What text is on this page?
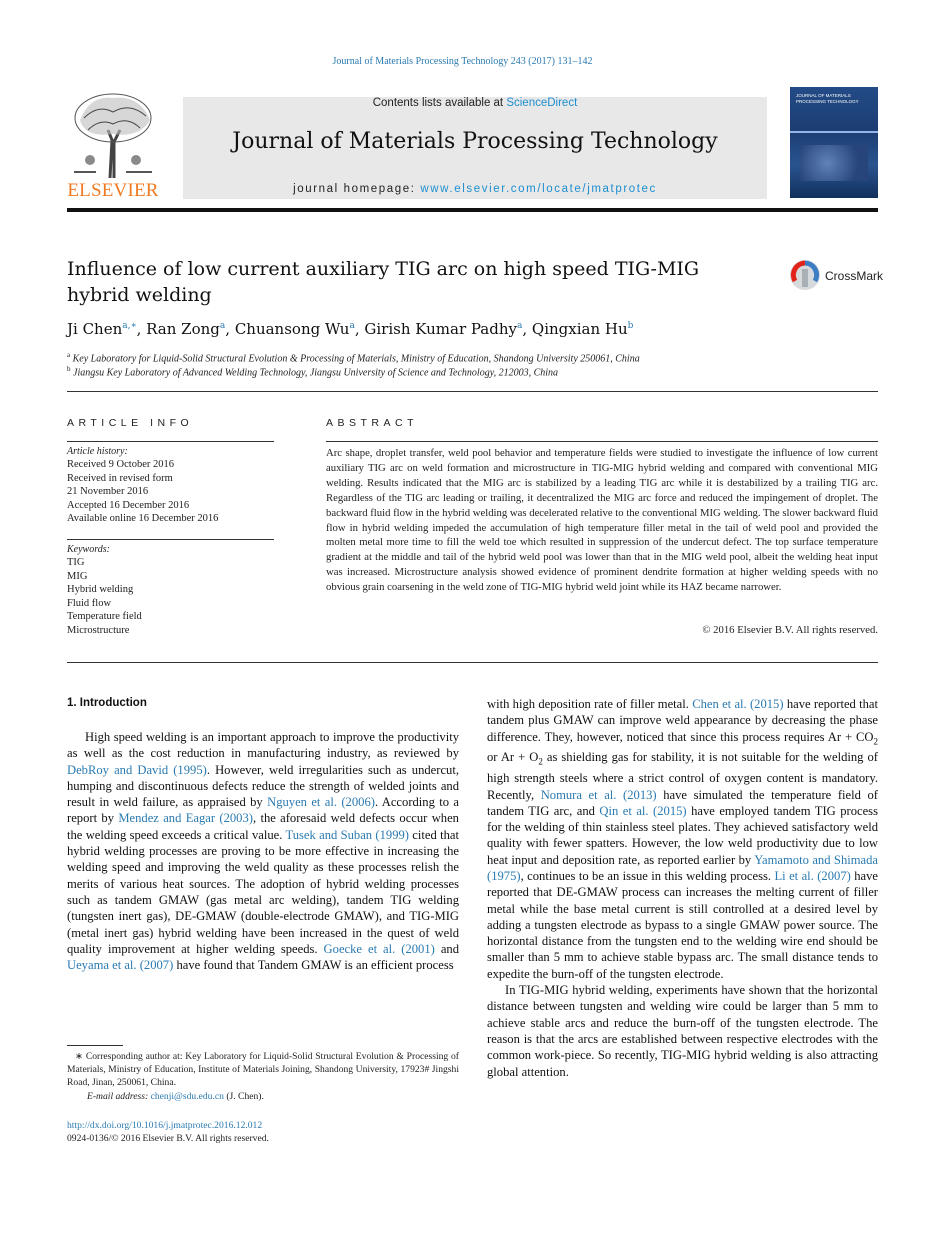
Journal of Materials Processing Technology 243 (2017) 131–142
ELSEVIER
Contents lists available at ScienceDirect
Journal of Materials Processing Technology
journal homepage: www.elsevier.com/locate/jmatprotec
JOURNAL OF MATERIALS PROCESSING TECHNOLOGY
Influence of low current auxiliary TIG arc on high speed TIG-MIG hybrid welding
CrossMark
Ji Chen$^{a,∗}$, Ran Zong$^a$, Chuansong Wu$^a$, Girish Kumar Padhy$^a$, Qingxian Hu$^b$
$^a$ Key Laboratory for Liquid-Solid Structural Evolution & Processing of Materials, Ministry of Education, Shandong University 250061, China
$^b$ Jiangsu Key Laboratory of Advanced Welding Technology, Jiangsu University of Science and Technology, 212003, China
ARTICLE INFO
Article history:
Received 9 October 2016
Received in revised form
21 November 2016
Accepted 16 December 2016
Available online 16 December 2016
Keywords:
TIG
MIG
Hybrid welding
Fluid flow
Temperature field
Microstructure
ABSTRACT
Arc shape, droplet transfer, weld pool behavior and temperature fields were studied to investigate the influence of low current auxiliary TIG arc on weld formation and microstructure in TIG-MIG hybrid welding and compared with conventional MIG welding. Results indicated that the MIG arc is stabilized by a leading TIG arc while it is destabilized by a trailing TIG arc. Regardless of the TIG arc leading or trailing, it decentralized the MIG arc force and reduced the impingement of droplet. The backward fluid flow in the hybrid welding was decelerated relative to the conventional MIG welding. The slower backward fluid flow in hybrid welding impeded the accumulation of high temperature filler metal in the tail of weld pool and provided the molten metal more time to fill the weld toe which resulted in suppression of the undercut defect. The top surface temperature gradient at the middle and tail of the hybrid weld pool was lower than that in the MIG weld pool, albeit the welding heat input was increased. Microstructure analysis showed evidence of prominent dendrite formation at higher welding speeds with no obvious grain coarsening in the weld zone of TIG-MIG hybrid weld joint while its HAZ became narrower.
© 2016 Elsevier B.V. All rights reserved.
1. Introduction

High speed welding is an important approach to improve the productivity as well as the cost reduction in manufacturing industry, as reviewed by DebRoy and David (1995). However, weld irregularities such as undercut, humping and discontinuous defects reduce the strength of welded joints and result in weld failure, as appraised by Nguyen et al. (2006). According to a report by Mendez and Eagar (2003), the aforesaid weld defects occur when the welding speed exceeds a critical value. Tusek and Suban (1999) cited that hybrid welding processes are proving to be more effective in increasing the welding speed and improving the weld quality as these processes relish the merits of various heat sources. The adoption of hybrid welding processes such as tandem GMAW (gas metal arc welding), tandem TIG welding (tungsten inert gas), DE-GMAW (double-electrode GMAW), and TIG-MIG (metal inert gas) hybrid welding have been increased in the quest of weld quality improvement at higher welding speeds. Goecke et al. (2001) and Ueyama et al. (2007) have found that Tandem GMAW is an efficient process

with high deposition rate of filler metal. Chen et al. (2015) have reported that tandem plus GMAW can improve weld appearance by decreasing the phase difference. They, however, noticed that since this process requires $Ar + CO_2$ or $Ar + O_2$ as shielding gas for stability, it is not suitable for the welding of high strength steels where a strict control of oxygen content is mandatory. Recently, Nomura et al. (2013) have simulated the temperature field of tandem TIG arc, and Qin et al. (2015) have employed tandem TIG process for the welding of thin stainless steel plates. They achieved satisfactory weld quality with fewer spatters. However, the low weld productivity due to low heat input and deposition rate, as reported earlier by Yamamoto and Shimada (1975), continues to be an issue in this welding process. Li et al. (2007) have reported that DE-GMAW process can increases the melting current of filler metal while the base metal current is still controlled at a desired level by adding a tungsten electrode as bypass to a single GMAW power source. The horizontal distance from the tungsten end to the welding wire end should be smaller than 5 mm to achieve stable bypass arc. The small distance tends to expedite the burn-off of the tungsten electrode.

In TIG-MIG hybrid welding, experiments have shown that the horizontal distance between tungsten and welding wire could be larger than 5 mm to achieve stable arcs and reduce the burn-off of the tungsten electrode. The reason is that the arcs are established between respective electrodes with the common work-piece. So recently, TIG-MIG hybrid welding is also attracting global attention.

∗ Corresponding author at: Key Laboratory for Liquid-Solid Structural Evolution & Processing of Materials, Ministry of Education, Institute of Materials Joining, Shandong University, 17923# Jingshi Road, Jinan, 250061, China.
E-mail address: chenji@sdu.edu.cn (J. Chen).
http://dx.doi.org/10.1016/j.jmatprotec.2016.12.012
0924-0136/© 2016 Elsevier B.V. All rights reserved.
